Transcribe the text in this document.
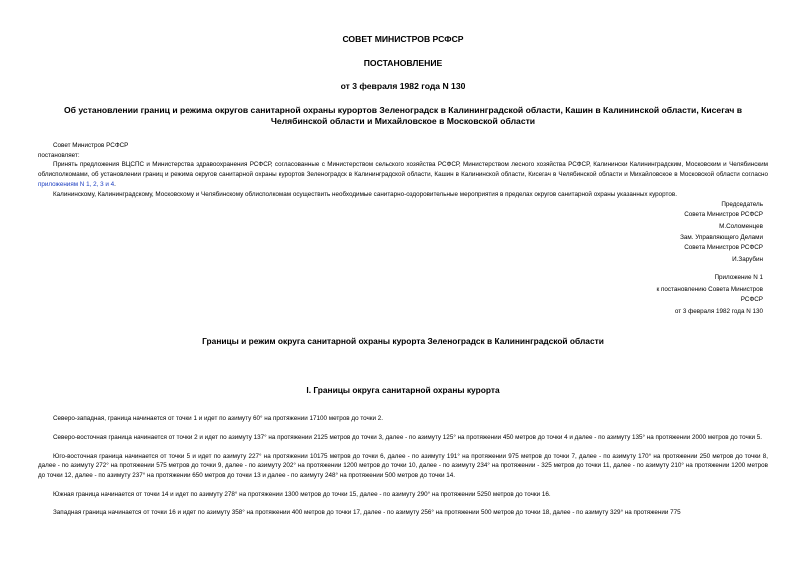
СОВЕТ МИНИСТРОВ РСФСР
ПОСТАНОВЛЕНИЕ
от 3 февраля 1982 года N 130
Об установлении границ и режима округов санитарной охраны курортов Зеленоградск в Калининградской области, Кашин в Калининской области, Кисегач в Челябинской области и Михайловское в Московской области
Совет Министров РСФСР
постановляет:
Принять предложения ВЦСПС и Министерства здравоохранения РСФСР, согласованные с Министерством сельского хозяйства РСФСР, Министерством лесного хозяйства РСФСР, Калинински Калининградским, Московским и Челябинским облисполкомами, об установлении границ и режима округов санитарной охраны курортов Зеленоградск в Калининградской области, Кашин в Калининской области, Кисегач в Челябинской области и Михайловское в Московской области согласно приложениям N 1, 2, 3 и 4.
Калининскому, Калининградскому, Московскому и Челябинскому облисполкомам осуществить необходимые санитарно-оздоровительные мероприятия в пределах округов санитарной охраны указанных курортов.
Председатель
Совета Министров РСФСР
М.Соломенцев
Зам. Управляющего Делами
Совета Министров РСФСР
И.Зарубин
Приложение N 1
к постановлению Совета Министров
РСФСР
от 3 февраля 1982 года N 130
Границы и режим округа санитарной охраны курорта Зеленоградск в Калининградской области
I. Границы округа санитарной охраны курорта
Северо-западная, граница начинается от точки 1 и идет по азимуту 60° на протяжении 17100 метров до точки 2.
Северо-восточная граница начинается от точки 2 и идет по азимуту 137° на протяжении 2125 метров до точки 3, далее - по азимуту 125° на протяжении 450 метров до точки 4 и далее - по азимуту 135° на протяжении 2000 метров до точки 5.
Юго-восточная граница начинается от точки 5 и идет по азимуту 227° на протяжении 10175 метров до точки 6, далее - по азимуту 191° на протяжении 975 метров до точки 7, далее - по азимуту 170° на протяжении 250 метров до точки 8, далее - по азимуту 272° на протяжении 575 метров до точки 9, далее - по азимуту 202° на протяжении 1200 метров до точки 10, далее - по азимуту 234° на протяжении - 325 метров до точки 11, далее - по азимуту 210° на протяжении 1200 метров до точки 12, далее - по азимуту 237° на протяжении 650 метров до точки 13 и далее - по азимуту 248° на протяжении 500 метров до точки 14.
Южная граница начинается от точки 14 и идет по азимуту 278° на протяжении 1300 метров до точки 15, далее - по азимуту 290° на протяжении 5250 метров до точки 16.
Западная граница начинается от точки 16 и идет по азимуту 358° на протяжении 400 метров до точки 17, далее - по азимуту 256° на протяжении 500 метров до точки 18, далее - по азимуту 329° на протяжении 775
